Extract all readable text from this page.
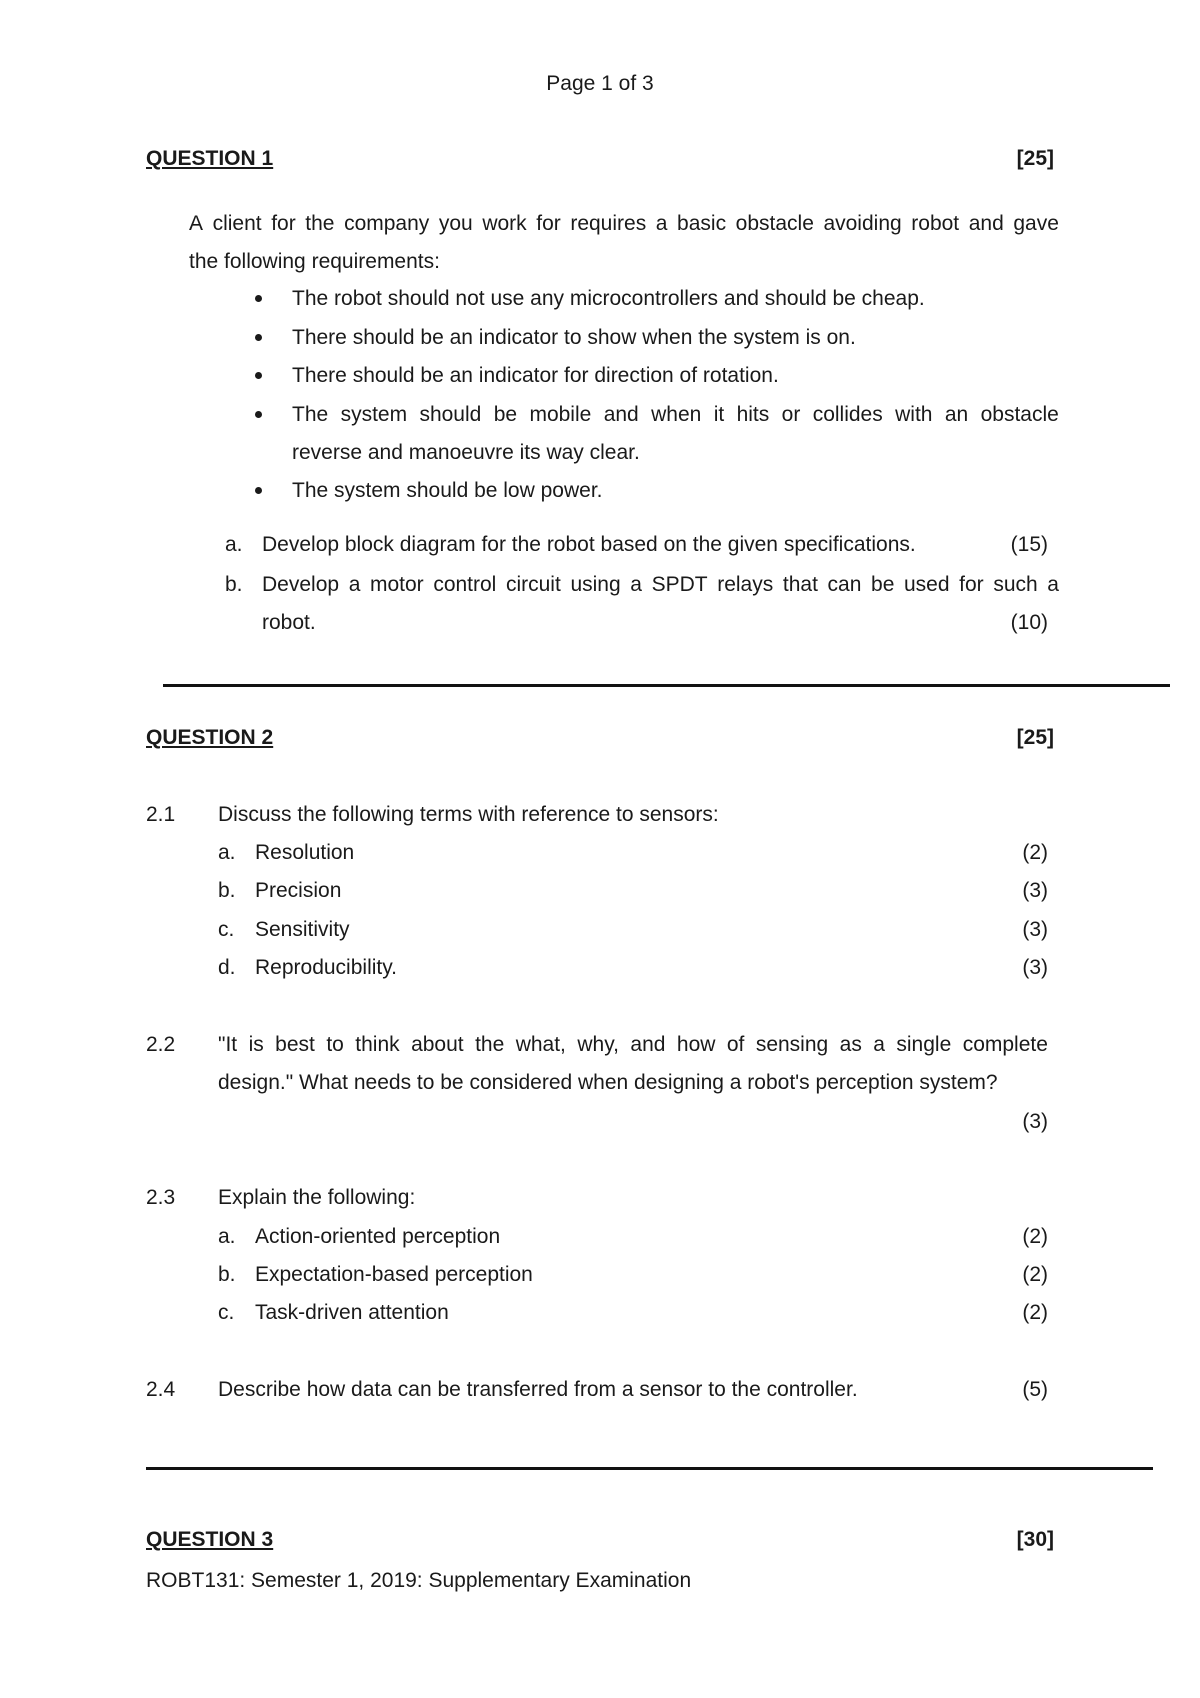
Page 1 of 3
QUESTION 1	[25]
A client for the company you work for requires a basic obstacle avoiding robot and gave
the following requirements:
The robot should not use any microcontrollers and should be cheap.
There should be an indicator to show when the system is on.
There should be an indicator for direction of rotation.
The system should be mobile and when it hits or collides with an obstacle
reverse and manoeuvre its way clear.
The system should be low power.
a. Develop block diagram for the robot based on the given specifications.	(15)
b. Develop a motor control circuit using a SPDT relays that can be used for such a
robot.	(10)
QUESTION 2	[25]
2.1 Discuss the following terms with reference to sensors:
a. Resolution	(2)
b. Precision	(3)
c. Sensitivity	(3)
d. Reproducibility.	(3)
2.2 "It is best to think about the what, why, and how of sensing as a single complete
design." What needs to be considered when designing a robot's perception system?
(3)
2.3 Explain the following:
a. Action-oriented perception	(2)
b. Expectation-based perception	(2)
c. Task-driven attention	(2)
2.4 Describe how data can be transferred from a sensor to the controller.	(5)
QUESTION 3	[30]
ROBT131: Semester 1, 2019: Supplementary Examination
